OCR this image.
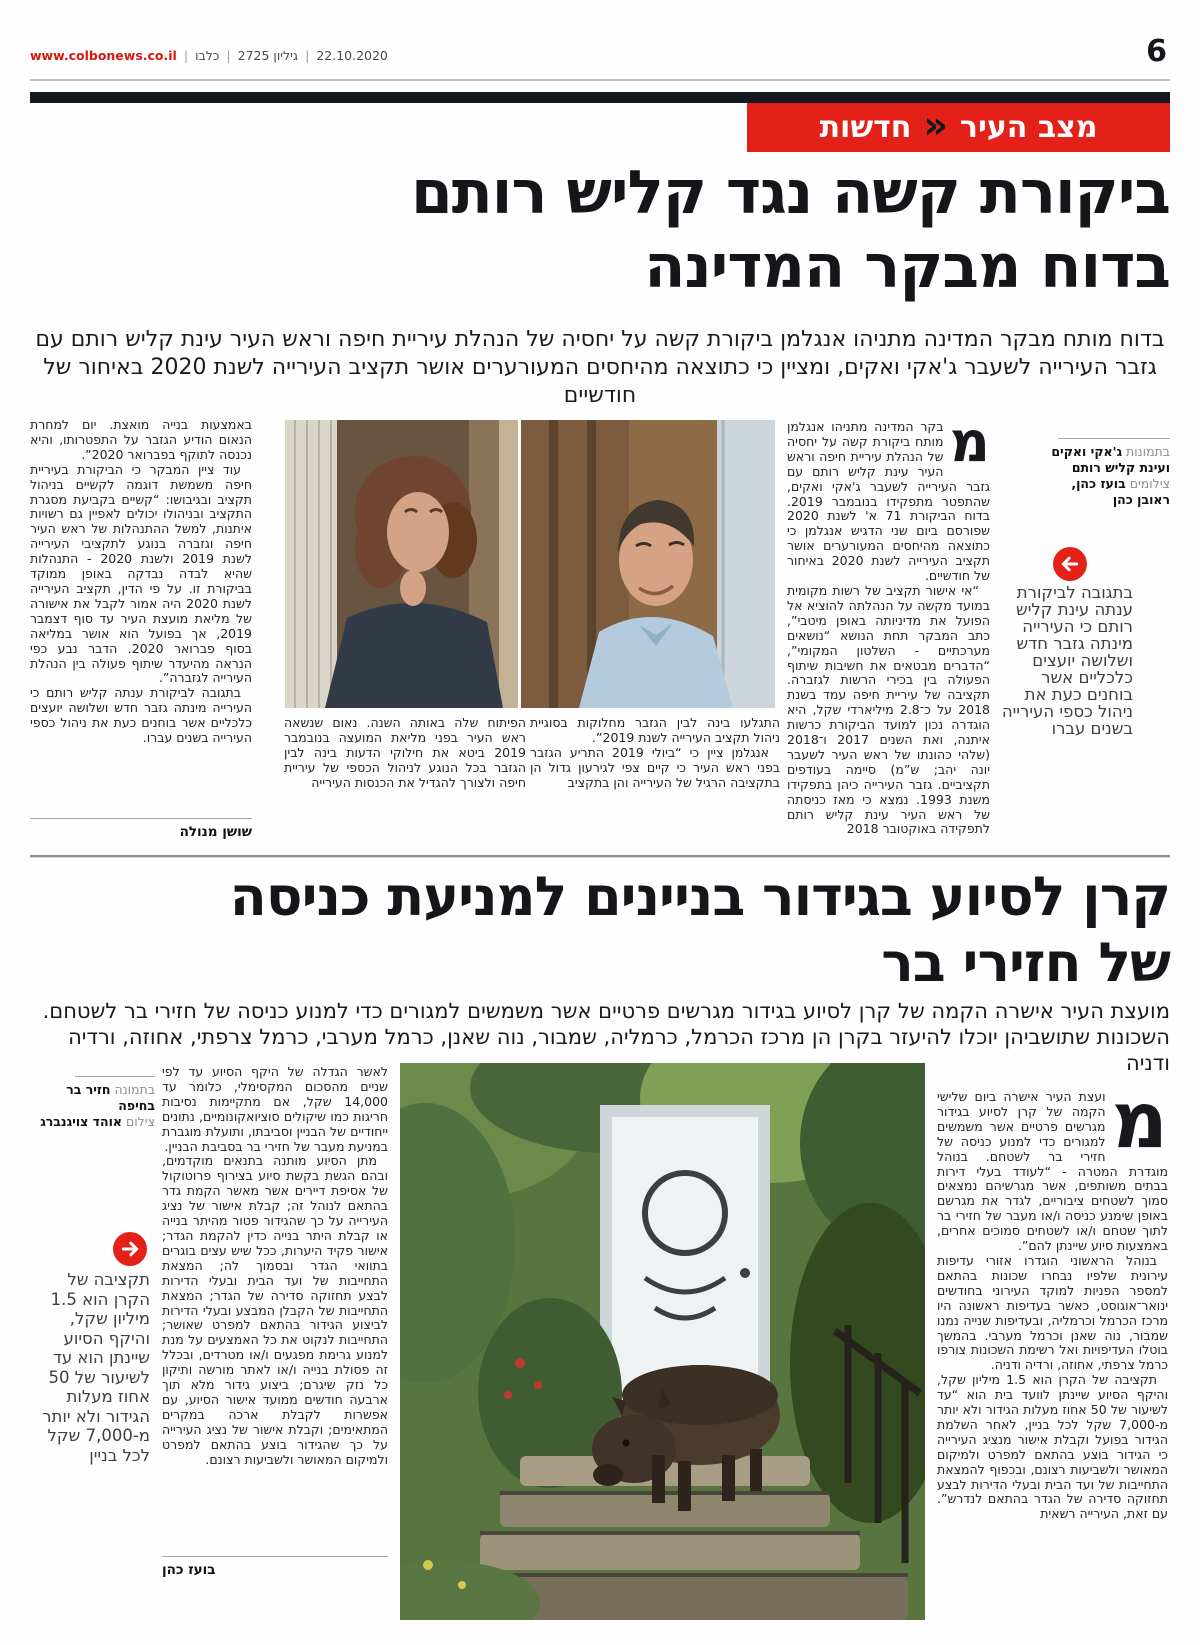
www.colbonews.co.il | כלבו | גיליון 2725 | 22.10.2020	6
מצב העיר
«
חדשות
ביקורת קשה נגד קליש רותם
בדוח מבקר המדינה
בדוח מותח מבקר המדינה מתניהו אנגלמן ביקורת קשה על יחסיה של הנהלת עיריית חיפה וראש העיר עינת קליש רותם עם גזבר העירייה לשעבר ג'אקי ואקים, ומציין כי כתוצאה מהיחסים המעורערים אושר תקציב העירייה לשנת 2020 באיחור של חודשיים

מ
בקר המדינה מתניהו אנגלמן מותח ביקורת קשה על יחסיה של הנהלת עיריית חיפה וראש העיר עינת קליש רותם עם גזבר העירייה לשעבר ג'אקי ואקים, שהתפטר מתפקידו בנובמבר 2019. בדוח הביקורת 71 א' לשנת 2020 שפורסם ביום שני הדגיש אנגלמן כי כתוצאה מהיחסים המעורערים אושר תקציב העירייה לשנת 2020 באיחור של חודשיים.

“אי אישור תקציב של רשות מקומית במועד מקשה על הנהלתה להוציא אל הפועל את מדיניותה באופן מיטבי”, כתב המבקר תחת הנושא “נושאים מערכתיים - השלטון המקומי”, “הדברים מבטאים את חשיבות שיתוף הפעולה בין בכירי הרשות לגזברה. תקציבה של עיריית חיפה עמד בשנת 2018 על כ־2.8 מיליארדי שקל, היא הוגדרה נכון למועד הביקורת כרשות איתנה, ואת השנים 2017 ו־2018 (שלהי כהונתו של ראש העיר לשעבר יונה יהב; ש”מ) סיימה בעודפים תקציביים. גזבר העירייה כיהן בתפקידו משנת 1993. נמצא כי מאז כניסתה של ראש העיר עינת קליש רותם לתפקידה באוקטובר 2018

התגלעו בינה לבין הגזבר מחלוקות בסוגיית ניהול תקציב העירייה לשנת 2019”.

אנגלמן ציין כי “ביולי 2019 התריע הגזבר בפני ראש העיר כי קיים צפי לגירעון גדול הן בתקציבה הרגיל של העירייה והן בתקציב

הפיתוח שלה באותה השנה. נאום שנשאה ראש העיר בפני מליאת המועצה בנובמבר 2019 ביטא את חילוקי הדעות בינה לבין הגזבר בכל הנוגע לניהול הכספי של עיריית חיפה ולצורך להגדיל את הכנסות העירייה

באמצעות בנייה מואצת. יום למחרת הנאום הודיע הגזבר על התפטרותו, והיא נכנסה לתוקף בפברואר 2020”.

עוד ציין המבקר כי הביקורת בעיריית חיפה משמשת דוגמה לקשיים בניהול תקציב ובגיבושו: “קשיים בקביעת מסגרת התקציב ובניהולו יכולים לאפיין גם רשויות איתנות, למשל ההתנהלות של ראש העיר חיפה וגזברה בנוגע לתקציבי העירייה לשנת 2019 ולשנת 2020 - התנהלות שהיא לבדה נבדקה באופן ממוקד בביקורת זו. על פי הדין, תקציב העירייה לשנת 2020 היה אמור לקבל את אישורה של מליאת מועצת העיר עד סוף דצמבר 2019, אך בפועל הוא אושר במליאה בסוף פברואר 2020. הדבר נבע כפי הנראה מהיעדר שיתוף פעולה בין הנהלת העירייה לגזברה”.

בתגובה לביקורת ענתה קליש רותם כי העירייה מינתה גזבר חדש ושלושה יועצים כלכליים אשר בוחנים כעת את ניהול כספי העירייה בשנים עברו.

שושן מנולה
בתמונות ג'אקי ואקים ועינת קליש רותם
צילומים בועז כהן, ראובן כהן
בתגובה לביקורת ענתה עינת קליש רותם כי העירייה מינתה גזבר חדש ושלושה יועצים כלכליים אשר בוחנים כעת את ניהול כספי העירייה בשנים עברו
קרן לסיוע בגידור בניינים למניעת כניסה
של חזירי בר
מועצת העיר אישרה הקמה של קרן לסיוע בגידור מגרשים פרטיים אשר משמשים למגורים כדי למנוע כניסה של חזירי בר לשטחם. השכונות שתושביהן יוכלו להיעזר בקרן הן מרכז הכרמל, כרמליה, שמבור, נוה שאנן, כרמל מערבי, כרמל צרפתי, אחוזה, ורדיה ודניה

מ
ועצת העיר אישרה ביום שלישי הקמה של קרן לסיוע בגידור מגרשים פרטיים אשר משמשים למגורים כדי למנוע כניסה של חזירי בר לשטחם. בנוהל מוגדרת המטרה - “לעודד בעלי דירות בבתים משותפים, אשר מגרשיהם נמצאים סמוך לשטחים ציבוריים, לגדר את מגרשם באופן שימנע כניסה ו/או מעבר של חזירי בר לתוך שטחם ו/או לשטחים סמוכים אחרים, באמצעות סיוע שיינתן להם”.

בנוהל הראשוני הוגדרו אזורי עדיפות עירונית שלפיו נבחרו שכונות בהתאם למספר הפניות למוקד העירוני בחודשים ינואר־אוגוסט, כאשר בעדיפות ראשונה היו מרכז הכרמל וכרמליה, ובעדיפות שנייה נמנו שמבור, נוה שאנן וכרמל מערבי. בהמשך בוטלו העדיפויות ואל רשימת השכונות צורפו כרמל צרפתי, אחוזה, ורדיה ודניה.

תקציבה של הקרן הוא 1.5 מיליון שקל, והיקף הסיוע שיינתן לוועד בית הוא “עד לשיעור של 50 אחוז מעלות הגידור ולא יותר מ-7,000 שקל לכל בניין, לאחר השלמת הגידור בפועל וקבלת אישור מנציג העירייה כי הגידור בוצע בהתאם למפרט ולמיקום המאושר ולשביעות רצונם, ובכפוף להמצאת התחייבות של ועד הבית ובעלי הדירות לבצע תחזוקה סדירה של הגדר בהתאם לנדרש”. עם זאת, העירייה רשאית

לאשר הגדלה של היקף הסיוע עד לפי שניים מהסכום המקסימלי, כלומר עד 14,000 שקל, אם מתקיימות נסיבות חריגות כמו שיקולים סוציואקונומיים, נתונים ייחודיים של הבניין וסביבתו, ותועלת מוגברת במניעת מעבר של חזירי בר בסביבת הבניין.

מתן הסיוע מותנה בתנאים מוקדמים, ובהם הגשת בקשת סיוע בצירוף פרוטוקול של אסיפת דיירים אשר מאשר הקמת גדר בהתאם לנוהל זה; קבלת אישור של נציג העירייה על כך שהגידור פטור מהיתר בנייה או קבלת היתר בנייה כדין להקמת הגדר; אישור פקיד היערות, ככל שיש עצים בוגרים בתוואי הגדר ובסמוך לה; המצאת התחייבות של ועד הבית ובעלי הדירות לבצע תחזוקה סדירה של הגדר; המצאת התחייבות של הקבלן המבצע ובעלי הדירות לביצוע הגידור בהתאם למפרט שאושר; התחייבות לנקוט את כל האמצעים על מנת למנוע גרימת מפגעים ו/או מטרדים, ובכלל זה פסולת בנייה ו/או לאתר מורשה ותיקון כל נזק שיגרם; ביצוע גידור מלא תוך ארבעה חודשים ממועד אישור הסיוע, עם אפשרות לקבלת ארכה במקרים המתאימים; וקבלת אישור של נציג העירייה על כך שהגידור בוצע בהתאם למפרט ולמיקום המאושר ולשביעות רצונם.

בועז כהן
בתמונה חזיר בר בחיפה
צילום אוהד צויגנברג
תקציבה של הקרן הוא 1.5 מיליון שקל, והיקף הסיוע שיינתן הוא עד לשיעור של 50 אחוז מעלות הגידור ולא יותר מ-7,000 שקל לכל בניין
